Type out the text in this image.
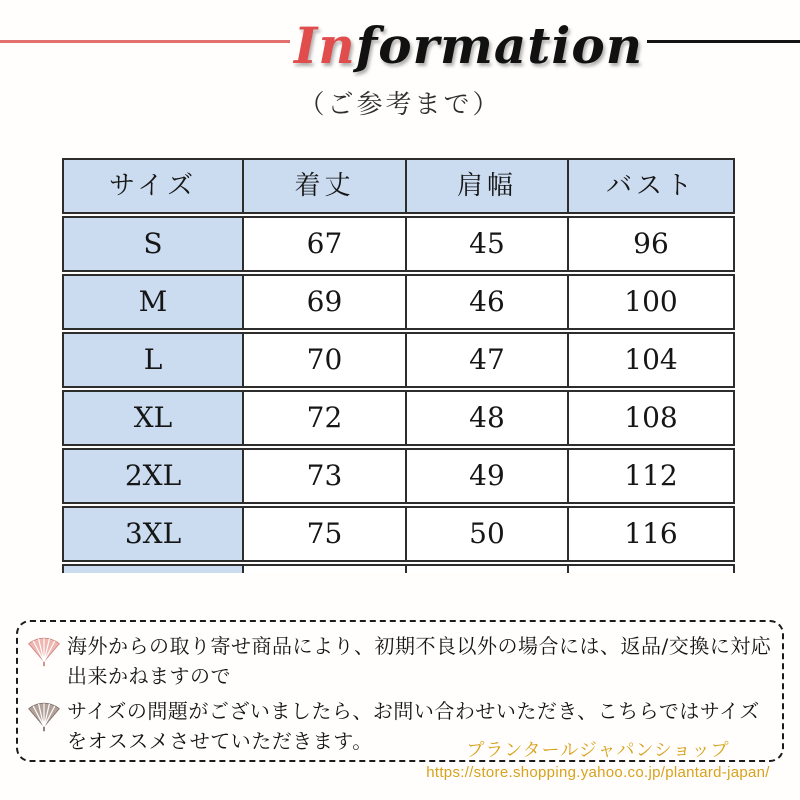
Information
（ご参考まで）
サイズ	着丈	肩幅	バスト
S	67	45	96
M	69	46	100
L	70	47	104
XL	72	48	108
2XL	73	49	112
3XL	75	50	116
海外からの取り寄せ商品により、初期不良以外の場合には、返品/交換に対応出来かねますので
サイズの問題がございましたら、お問い合わせいただき、こちらではサイズをオススメさせていただきます。	プランタールジャパンショップ
https://store.shopping.yahoo.co.jp/plantard-japan/
